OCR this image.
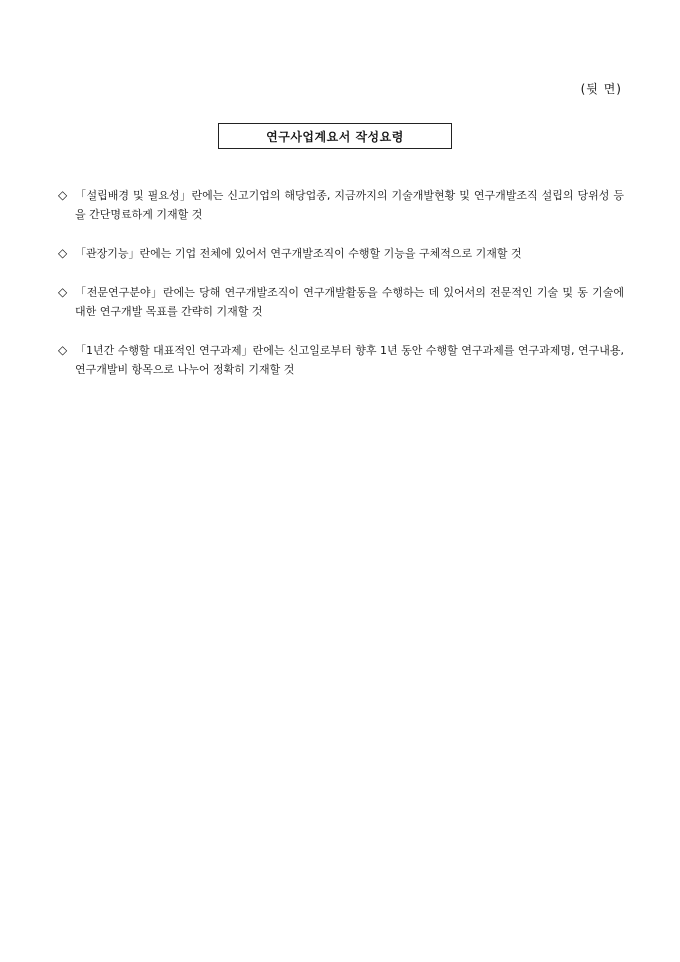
(뒷 면)
연구사업계요서 작성요령
◇ 「설립배경 및 필요성」란에는 신고기업의 해당업종, 지금까지의 기술개발현황 및 연구개발조직 설립의 당위성 등을 간단명료하게 기재할 것
◇ 「관장기능」란에는 기업 전체에 있어서 연구개발조직이 수행할 기능을 구체적으로 기재할 것
◇ 「전문연구분야」란에는 당해 연구개발조직이 연구개발활동을 수행하는 데 있어서의 전문적인 기술 및 동 기술에 대한 연구개발 목표를 간략히 기재할 것
◇ 「1년간 수행할 대표적인 연구과제」란에는 신고일로부터 향후 1년 동안 수행할 연구과제를 연구과제명, 연구내용, 연구개발비 항목으로 나누어 정확히 기재할 것
